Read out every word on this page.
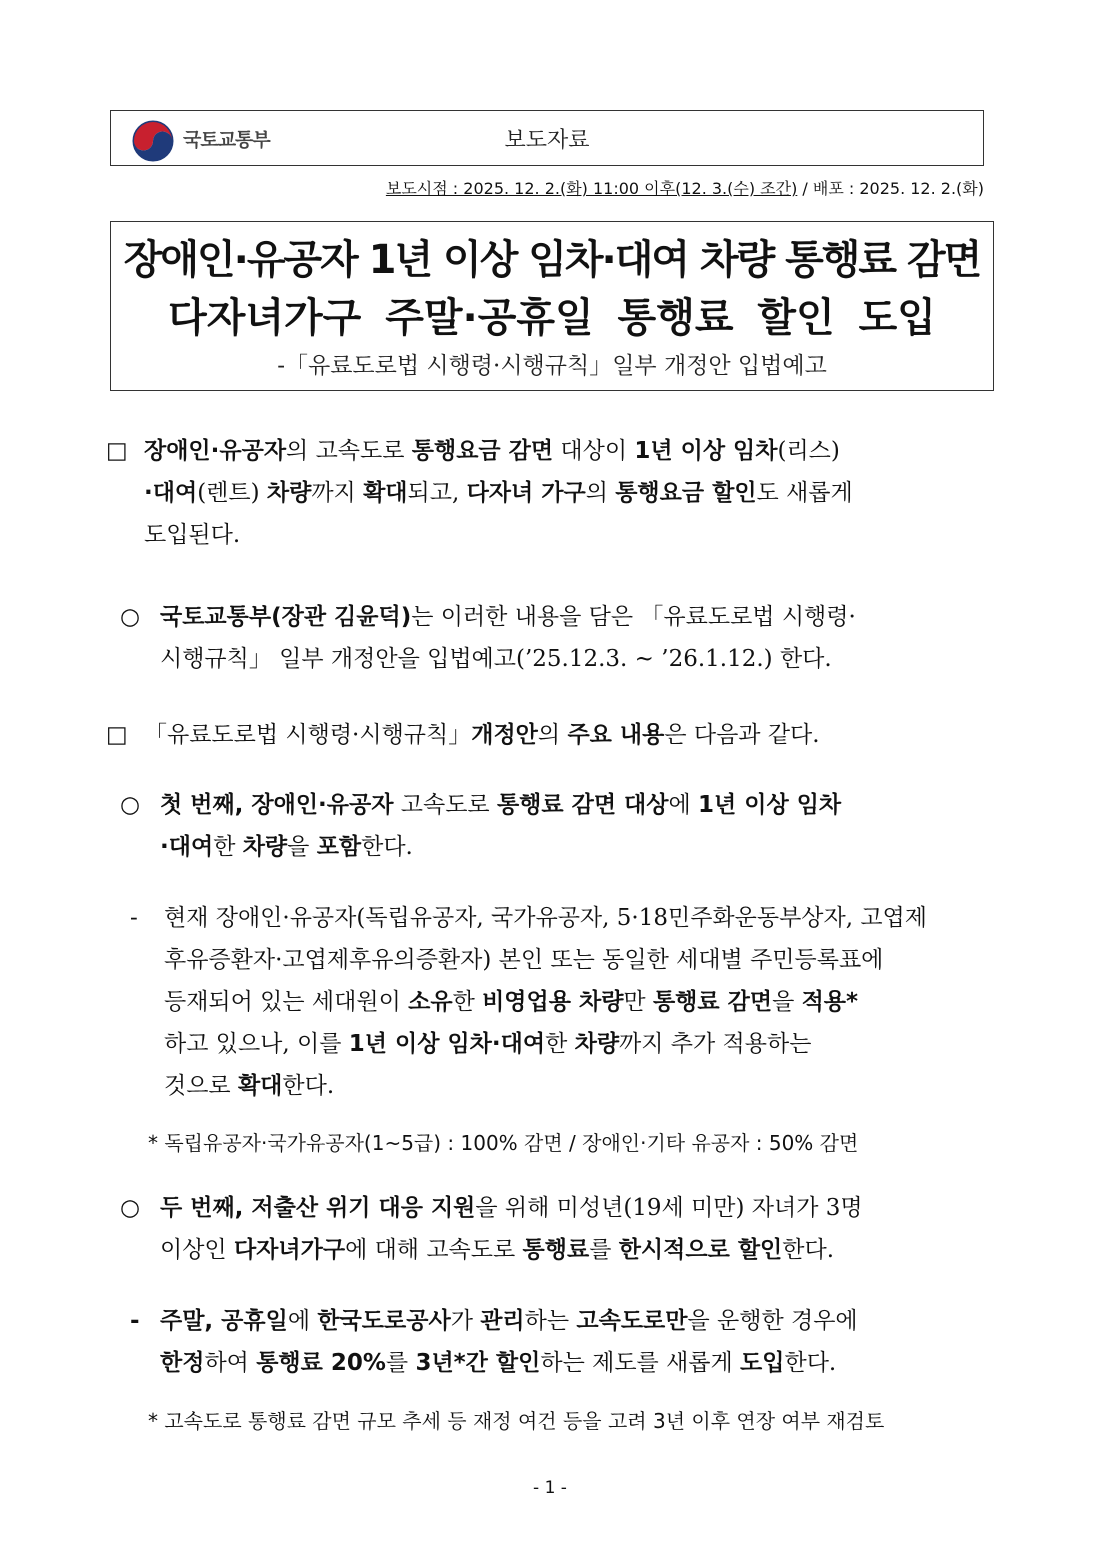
국토교통부	보도자료
보도시점 : 2025. 12. 2.(화) 11:00 이후(12. 3.(수) 조간) / 배포 : 2025. 12. 2.(화)
장애인·유공자 1년 이상 임차·대여 차량 통행료 감면
다자녀가구 주말·공휴일 통행료 할인 도입
-「유료도로법 시행령·시행규칙」일부 개정안 입법예고

□ 장애인·유공자의 고속도로 통행요금 감면 대상이 1년 이상 임차(리스)

·대여(렌트) 차량까지 확대되고, 다자녀 가구의 통행요금 할인도 새롭게

도입된다.

○ 국토교통부(장관 김윤덕)는 이러한 내용을 담은 「유료도로법 시행령·

시행규칙」 일부 개정안을 입법예고(’25.12.3. ~ ’26.1.12.) 한다.

□ 「유료도로법 시행령·시행규칙」개정안의 주요 내용은 다음과 같다.

○ 첫 번째, 장애인·유공자 고속도로 통행료 감면 대상에 1년 이상 임차

·대여한 차량을 포함한다.

- 현재 장애인·유공자(독립유공자, 국가유공자, 5·18민주화운동부상자, 고엽제

후유증환자·고엽제후유의증환자) 본인 또는 동일한 세대별 주민등록표에

등재되어 있는 세대원이 소유한 비영업용 차량만 통행료 감면을 적용*

하고 있으나, 이를 1년 이상 임차·대여한 차량까지 추가 적용하는

것으로 확대한다.

* 독립유공자·국가유공자(1~5급) : 100% 감면 / 장애인·기타 유공자 : 50% 감면

○ 두 번째, 저출산 위기 대응 지원을 위해 미성년(19세 미만) 자녀가 3명

이상인 다자녀가구에 대해 고속도로 통행료를 한시적으로 할인한다.

- 주말, 공휴일에 한국도로공사가 관리하는 고속도로만을 운행한 경우에

한정하여 통행료 20%를 3년*간 할인하는 제도를 새롭게 도입한다.

* 고속도로 통행료 감면 규모 추세 등 재정 여건 등을 고려 3년 이후 연장 여부 재검토
- 1 -
